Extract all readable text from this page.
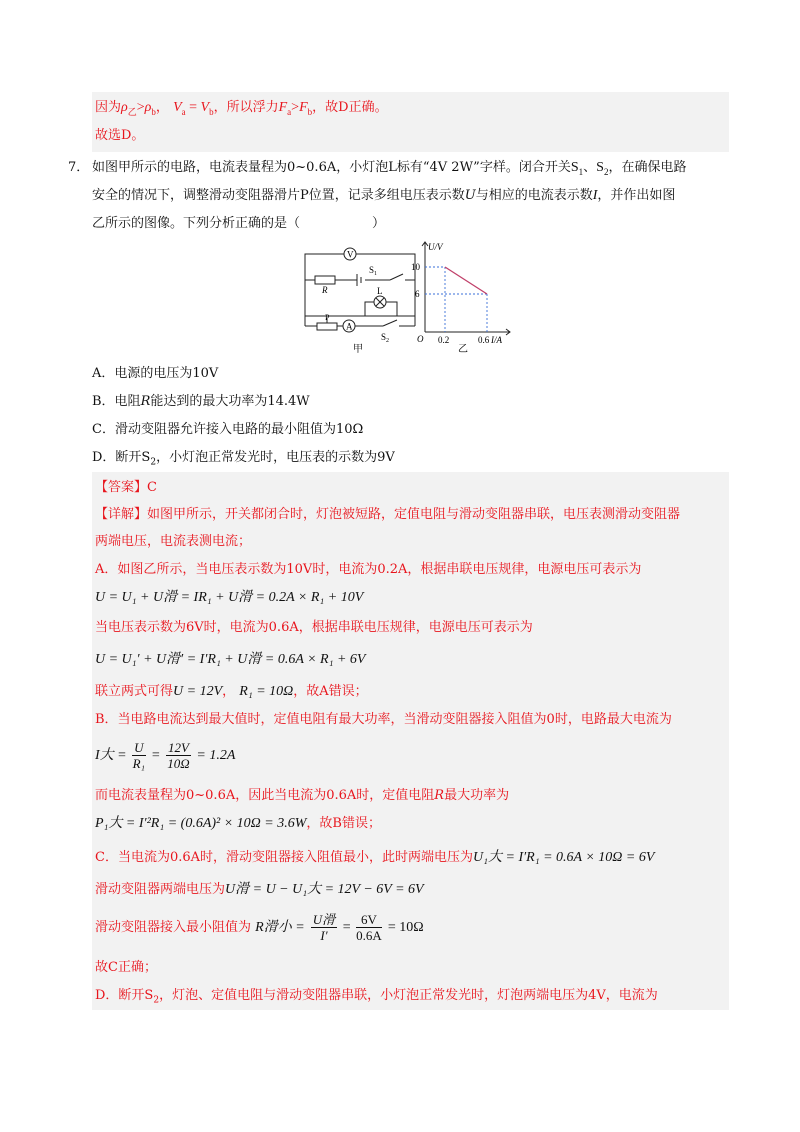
因为$\rho_乙>\rho_b$， $V_a = V_b$，所以浮力$F_a>F_b$，故D正确。
故选D。
7． 如图甲所示的电路，电流表量程为0~0.6A，小灯泡L标有“4V 2W”字样。闭合开关$S_1$、$S_2$，在确保电路
安全的情况下，调整滑动变阻器滑片P位置，记录多组电压表示数U与相应的电流表示数I，并作出如图
乙所示的图像。下列分析正确的是（	）
V
A
R
$S_1$
$S_2$
L
P
甲
U/V
I/A
O
10
6
0.2	0.6
乙
A．电源的电压为10V
B．电阻R能达到的最大功率为14.4W
C．滑动变阻器允许接入电路的最小阻值为10Ω
D．断开$S_2$，小灯泡正常发光时，电压表的示数为9V
【答案】C
【详解】如图甲所示，开关都闭合时，灯泡被短路，定值电阻与滑动变阻器串联，电压表测滑动变阻器
两端电压，电流表测电流；
A．如图乙所示，当电压表示数为10V时，电流为0.2A，根据串联电压规律，电源电压可表示为
U = U₁ + U滑 = IR₁ + U滑 = 0.2A × R₁ + 10V
当电压表示数为6V时，电流为0.6A，根据串联电压规律，电源电压可表示为
U = U₁′ + U滑′ = I′R₁ + U滑 = 0.6A × R₁ + 6V
联立两式可得U = 12V， R₁ = 10Ω，故A错误；
B．当电路电流达到最大值时，定值电阻有最大功率，当滑动变阻器接入阻值为0时，电路最大电流为
I大 = $\frac{U}{\text{R₁}} = \frac{12V}{10\Omega} = 1.2A$
而电流表量程为0~0.6A，因此当电流为0.6A时，定值电阻R最大功率为
P₁大 = I′²R₁ = (0.6A)² × 10Ω = 3.6W，故B错误；
C．当电流为0.6A时，滑动变阻器接入阻值最小，此时两端电压为U₁大 = I′R₁ = 0.6A × 10Ω = 6V
滑动变阻器两端电压为U滑 = U − U₁大 = 12V − 6V = 6V
滑动变阻器接入最小阻值为 R滑小 = $\frac{\text{U滑}}{I'} = \frac{6V}{0.6A} = 10\Omega$
故C正确；
D．断开$S_2$，灯泡、定值电阻与滑动变阻器串联，小灯泡正常发光时，灯泡两端电压为4V，电流为
